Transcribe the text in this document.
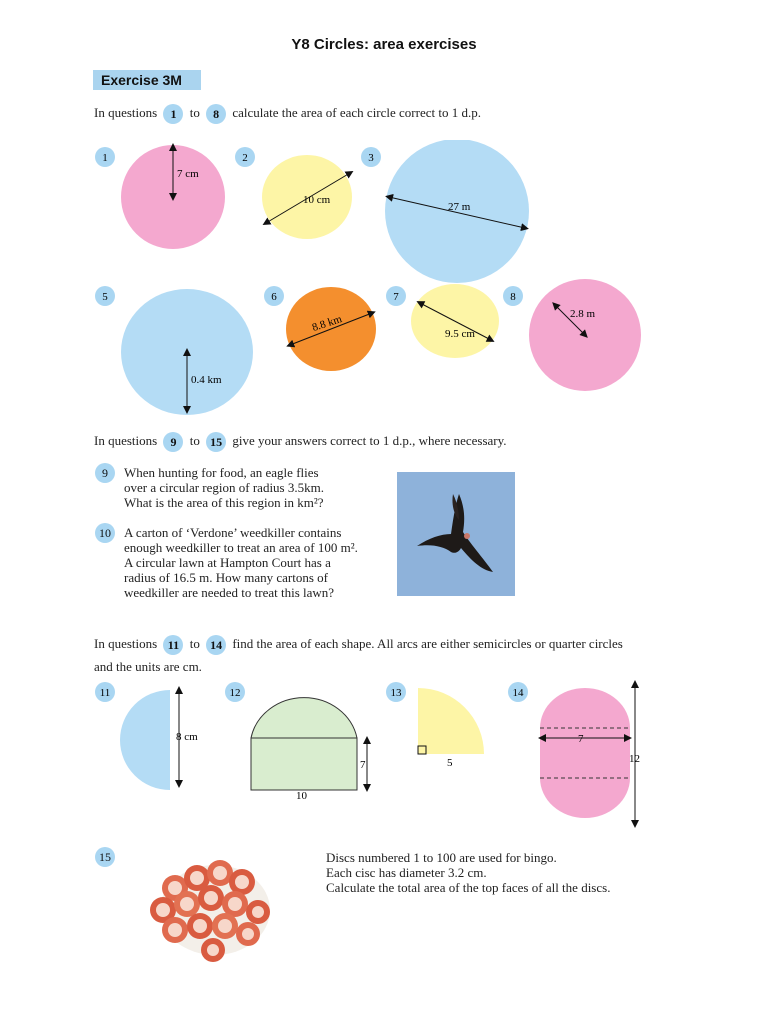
Y8 Circles: area exercises
Exercise 3M
In questions 1 to 8 calculate the area of each circle correct to 1 d.p.
1
7 cm
2
10 cm
3
27 m
5
0.4 km
6
8.8 km
7
9.5 cm
8
2.8 m
In questions 9 to 15 give your answers correct to 1 d.p., where necessary.
9	When hunting for food, an eagle flies
over a circular region of radius 3.5km.
What is the area of this region in km²?
10	A carton of ‘Verdone’ weedkiller contains
enough weedkiller to treat an area of 100 m².
A circular lawn at Hampton Court has a
radius of 16.5 m. How many cartons of
weedkiller are needed to treat this lawn?
In questions 11 to 14 find the area of each shape. All arcs are either semicircles or quarter circles
and the units are cm.
11
8 cm
12
7
10
13
5
14
7
12
15	Discs numbered 1 to 100 are used for bingo.
Each cisc has diameter 3.2 cm.
Calculate the total area of the top faces of all the discs.
